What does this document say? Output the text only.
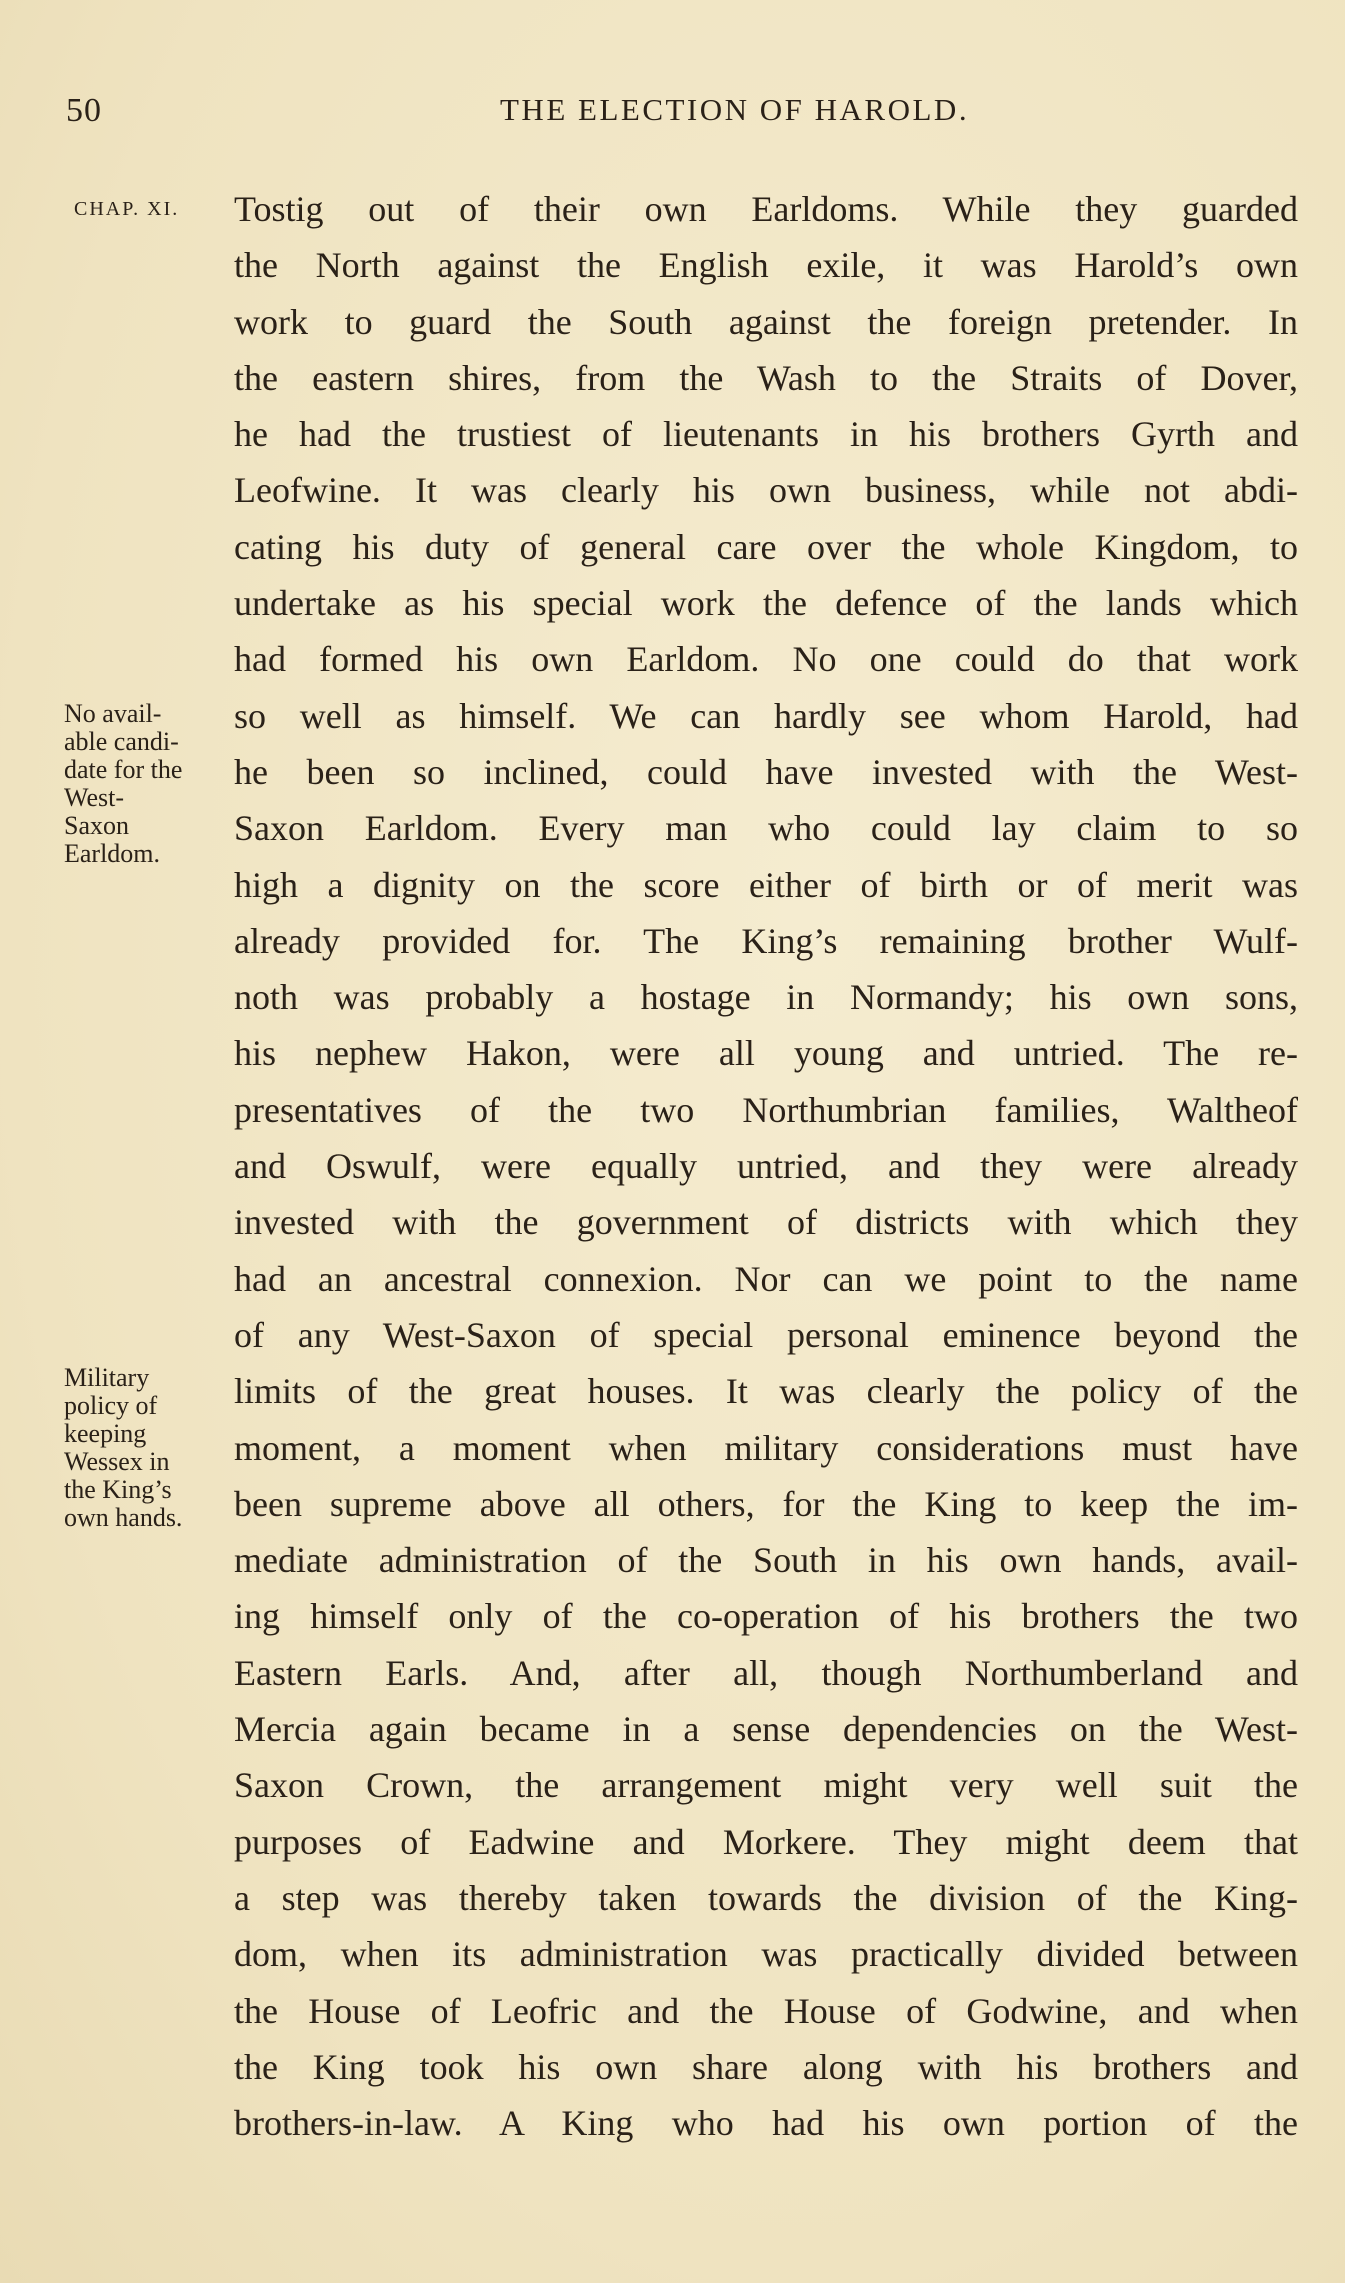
50	THE ELECTION OF HAROLD.
CHAP. XI.
No avail-
able candi-
date for the
West-
Saxon
Earldom.
Military
policy of
keeping
Wessex in
the King’s
own hands.
Tostig out of their own Earldoms. While they guarded
the North against the English exile, it was Harold’s own
work to guard the South against the foreign pretender. In
the eastern shires, from the Wash to the Straits of Dover,
he had the trustiest of lieutenants in his brothers Gyrth and
Leofwine. It was clearly his own business, while not abdi-
cating his duty of general care over the whole Kingdom, to
undertake as his special work the defence of the lands which
had formed his own Earldom. No one could do that work
so well as himself. We can hardly see whom Harold, had
he been so inclined, could have invested with the West-
Saxon Earldom. Every man who could lay claim to so
high a dignity on the score either of birth or of merit was
already provided for. The King’s remaining brother Wulf-
noth was probably a hostage in Normandy; his own sons,
his nephew Hakon, were all young and untried. The re-
presentatives of the two Northumbrian families, Waltheof
and Oswulf, were equally untried, and they were already
invested with the government of districts with which they
had an ancestral connexion. Nor can we point to the name
of any West-Saxon of special personal eminence beyond the
limits of the great houses. It was clearly the policy of the
moment, a moment when military considerations must have
been supreme above all others, for the King to keep the im-
mediate administration of the South in his own hands, avail-
ing himself only of the co-operation of his brothers the two
Eastern Earls. And, after all, though Northumberland and
Mercia again became in a sense dependencies on the West-
Saxon Crown, the arrangement might very well suit the
purposes of Eadwine and Morkere. They might deem that
a step was thereby taken towards the division of the King-
dom, when its administration was practically divided between
the House of Leofric and the House of Godwine, and when
the King took his own share along with his brothers and
brothers-in-law. A King who had his own portion of the
